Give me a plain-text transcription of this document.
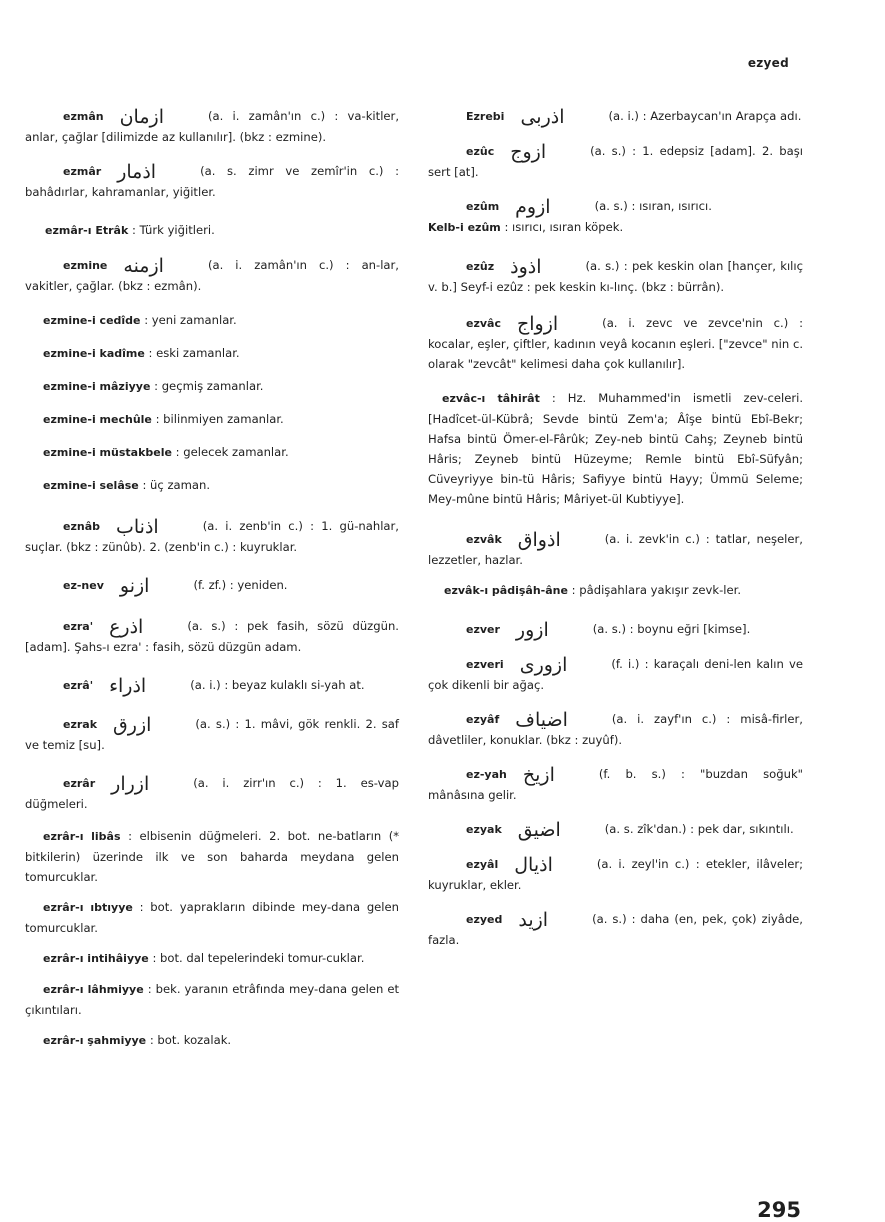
ezyed

ezmân ازمان	(a. i. zamân'ın c.) : va-kitler, anlar, çağlar [dilimizde az kullanılır]. (bkz : ezmine).

ezmâr اذمار	(a. s. zimr ve zemîr'in c.) : bahâdırlar, kahramanlar, yiğitler.

ezmâr-ı Etrâk : Türk yiğitleri.

ezmine ازمنه	(a. i. zamân'ın c.) : an-lar, vakitler, çağlar. (bkz : ezmân).

ezmine-i cedîde : yeni zamanlar.

ezmine-i kadîme : eski zamanlar.

ezmine-i mâziyye : geçmiş zamanlar.

ezmine-i mechûle : bilinmiyen zamanlar.

ezmine-i müstakbele : gelecek zamanlar.

ezmine-i selâse : üç zaman.

eznâb اذناب	(a. i. zenb'in c.) : 1. gü-nahlar, suçlar. (bkz : zünûb). 2. (zenb'in c.) : kuyruklar.

ez-nev ازنو	(f. zf.) : yeniden.

ezra' اذرع	(a. s.) : pek fasih, sözü düzgün. [adam]. Şahs-ı ezra' : fasih, sözü düzgün adam.

ezrâ' اذراء	(a. i.) : beyaz kulaklı si-yah at.

ezrak ازرق	(a. s.) : 1. mâvi, gök renkli. 2. saf ve temiz [su].

ezrâr ازرار	(a. i. zirr'ın c.) : 1. es-vap düğmeleri.

ezrâr-ı libâs : elbisenin düğmeleri. 2. bot. ne-batların (* bitkilerin) üzerinde ilk ve son baharda meydana gelen tomurcuklar.

ezrâr-ı ıbtıyye : bot. yaprakların dibinde mey-dana gelen tomurcuklar.

ezrâr-ı intihâiyye : bot. dal tepelerindeki tomur-cuklar.

ezrâr-ı lâhmiyye : bek. yaranın etrâfında mey-dana gelen et çıkıntıları.

ezrâr-ı şahmiyye : bot. kozalak.

Ezrebi اذربی	(a. i.) : Azerbaycan'ın Arapça adı.

ezûc ازوج	(a. s.) : 1. edepsiz [adam]. 2. başı sert [at].

ezûm ازوم	(a. s.) : ısıran, ısırıcı.

Kelb-i ezûm : ısırıcı, ısıran köpek.

ezûz اذوذ	(a. s.) : pek keskin olan [hançer, kılıç v. b.] Seyf-i ezûz : pek keskin kı-lınç. (bkz : bürrân).

ezvâc ازواج	(a. i. zevc ve zevce'nin c.) : kocalar, eşler, çiftler, kadının veyâ kocanın eşleri. ["zevce" nin c. olarak "zevcât" kelimesi daha çok kullanılır].

ezvâc-ı tâhirât : Hz. Muhammed'in ismetli zev-celeri. [Hadîcet-ül-Kübrâ; Sevde bintü Zem'a; Âîşe bintü Ebî-Bekr; Hafsa bintü Ömer-el-Fârûk; Zey-neb bintü Cahş; Zeyneb bintü Hâris; Zeyneb bintü Hüzeyme; Remle bintü Ebî-Süfyân; Cüveyriyye bin-tü Hâris; Safiyye bintü Hayy; Ümmü Seleme; Mey-mûne bintü Hâris; Mâriyet-ül Kubtiyye].

ezvâk اذواق	(a. i. zevk'in c.) : tatlar, neşeler, lezzetler, hazlar.

ezvâk-ı pâdişâh-âne : pâdişahlara yakışır zevk-ler.

ezver ازور	(a. s.) : boynu eğri [kimse].

ezveri ازوری	(f. i.) : karaçalı deni-len kalın ve çok dikenli bir ağaç.

ezyâf اضیاف	(a. i. zayf'ın c.) : misâ-firler, dâvetliler, konuklar. (bkz : zuyûf).

ez-yah ازیخ	(f. b. s.) : "buzdan soğuk" mânâsına gelir.

ezyak اضیق	(a. s. zîk'dan.) : pek dar, sıkıntılı.

ezyâl اذیال	(a. i. zeyl'in c.) : etekler, ilâveler; kuyruklar, ekler.

ezyed ازید	(a. s.) : daha (en, pek, çok) ziyâde, fazla.

295
